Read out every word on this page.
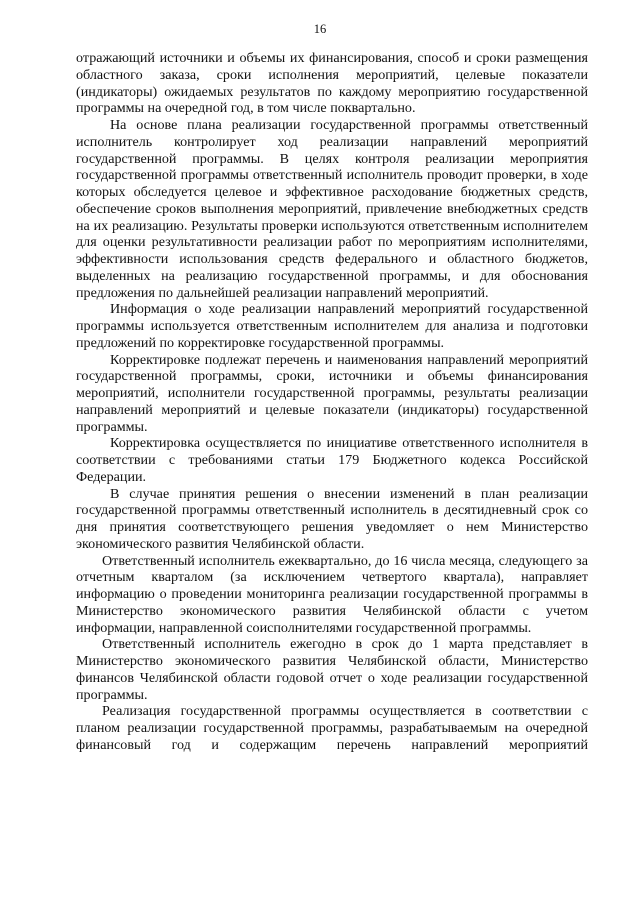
16

отражающий источники и объемы их финансирования, способ и сроки размещения областного заказа, сроки исполнения мероприятий, целевые показатели (индикаторы) ожидаемых результатов по каждому мероприятию государственной программы на очередной год, в том числе поквартально.

На основе плана реализации государственной программы ответственный исполнитель контролирует ход реализации направлений мероприятий государственной программы. В целях контроля реализации мероприятия государственной программы ответственный исполнитель проводит проверки, в ходе которых обследуется целевое и эффективное расходование бюджетных средств, обеспечение сроков выполнения мероприятий, привлечение внебюджетных средств на их реализацию. Результаты проверки используются ответственным исполнителем для оценки результативности реализации работ по мероприятиям исполнителями, эффективности использования средств федерального и областного бюджетов, выделенных на реализацию государственной программы, и для обоснования предложения по дальнейшей реализации направлений мероприятий.

Информация о ходе реализации направлений мероприятий государственной программы используется ответственным исполнителем для анализа и подготовки предложений по корректировке государственной программы.

Корректировке подлежат перечень и наименования направлений мероприятий государственной программы, сроки, источники и объемы финансирования мероприятий, исполнители государственной программы, результаты реализации направлений мероприятий и целевые показатели (индикаторы) государственной программы.

Корректировка осуществляется по инициативе ответственного исполнителя в соответствии с требованиями статьи 179 Бюджетного кодекса Российской Федерации.

В случае принятия решения о внесении изменений в план реализации государственной программы ответственный исполнитель в десятидневный срок со дня принятия соответствующего решения уведомляет о нем Министерство экономического развития Челябинской области.

Ответственный исполнитель ежеквартально, до 16 числа месяца, следующего за отчетным кварталом (за исключением четвертого квартала), направляет информацию о проведении мониторинга реализации государственной программы в Министерство экономического развития Челябинской области с учетом информации, направленной соисполнителями государственной программы.

Ответственный исполнитель ежегодно в срок до 1 марта представляет в Министерство экономического развития Челябинской области, Министерство финансов Челябинской области годовой отчет о ходе реализации государственной программы.

Реализация государственной программы осуществляется в соответствии с планом реализации государственной программы, разрабатываемым на очередной финансовый год и содержащим перечень направлений мероприятий
